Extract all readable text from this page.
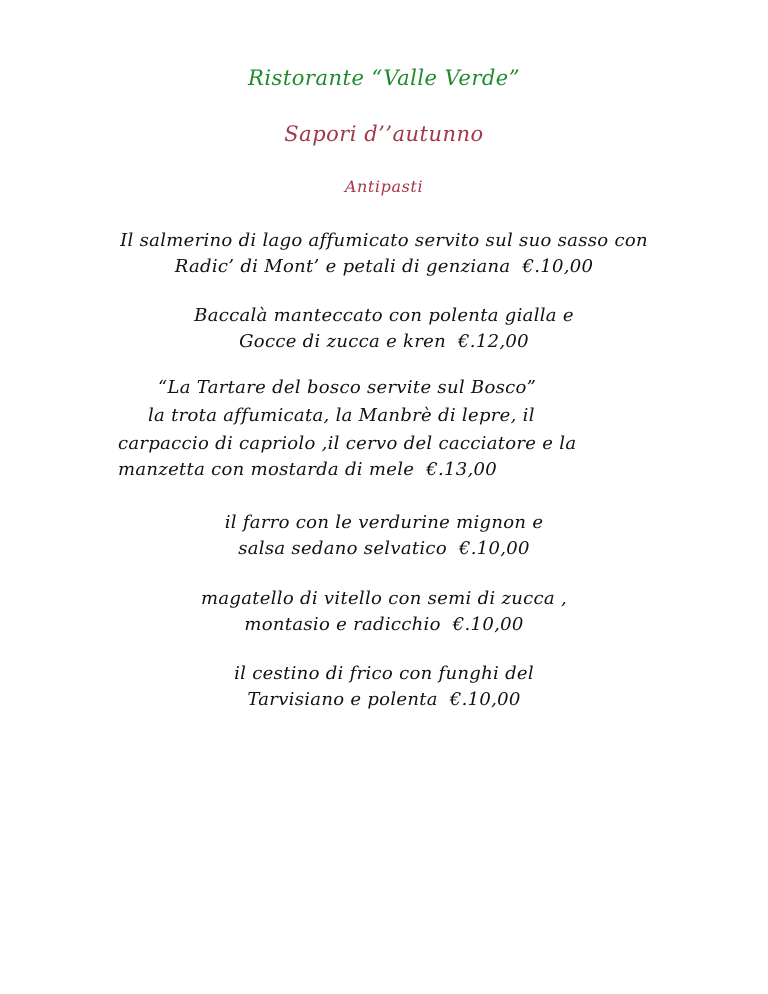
Ristorante “Valle Verde”
Sapori d’’autunno
Antipasti
Il salmerino di lago affumicato servito sul suo sasso con
Radic’ di Mont’ e petali di genziana  €.10,00
Baccalà manteccato con polenta gialla e
Gocce di zucca e kren  €.12,00
“La Tartare del bosco servite sul Bosco”
la trota affumicata, la Manbrè di lepre, il
carpaccio di capriolo ,il cervo del cacciatore e la
manzetta con mostarda di mele  €.13,00
il farro con le verdurine mignon e
salsa sedano selvatico  €.10,00
magatello di vitello con semi di zucca ,
montasio e radicchio  €.10,00
il cestino di frico con funghi del
Tarvisiano e polenta  €.10,00
